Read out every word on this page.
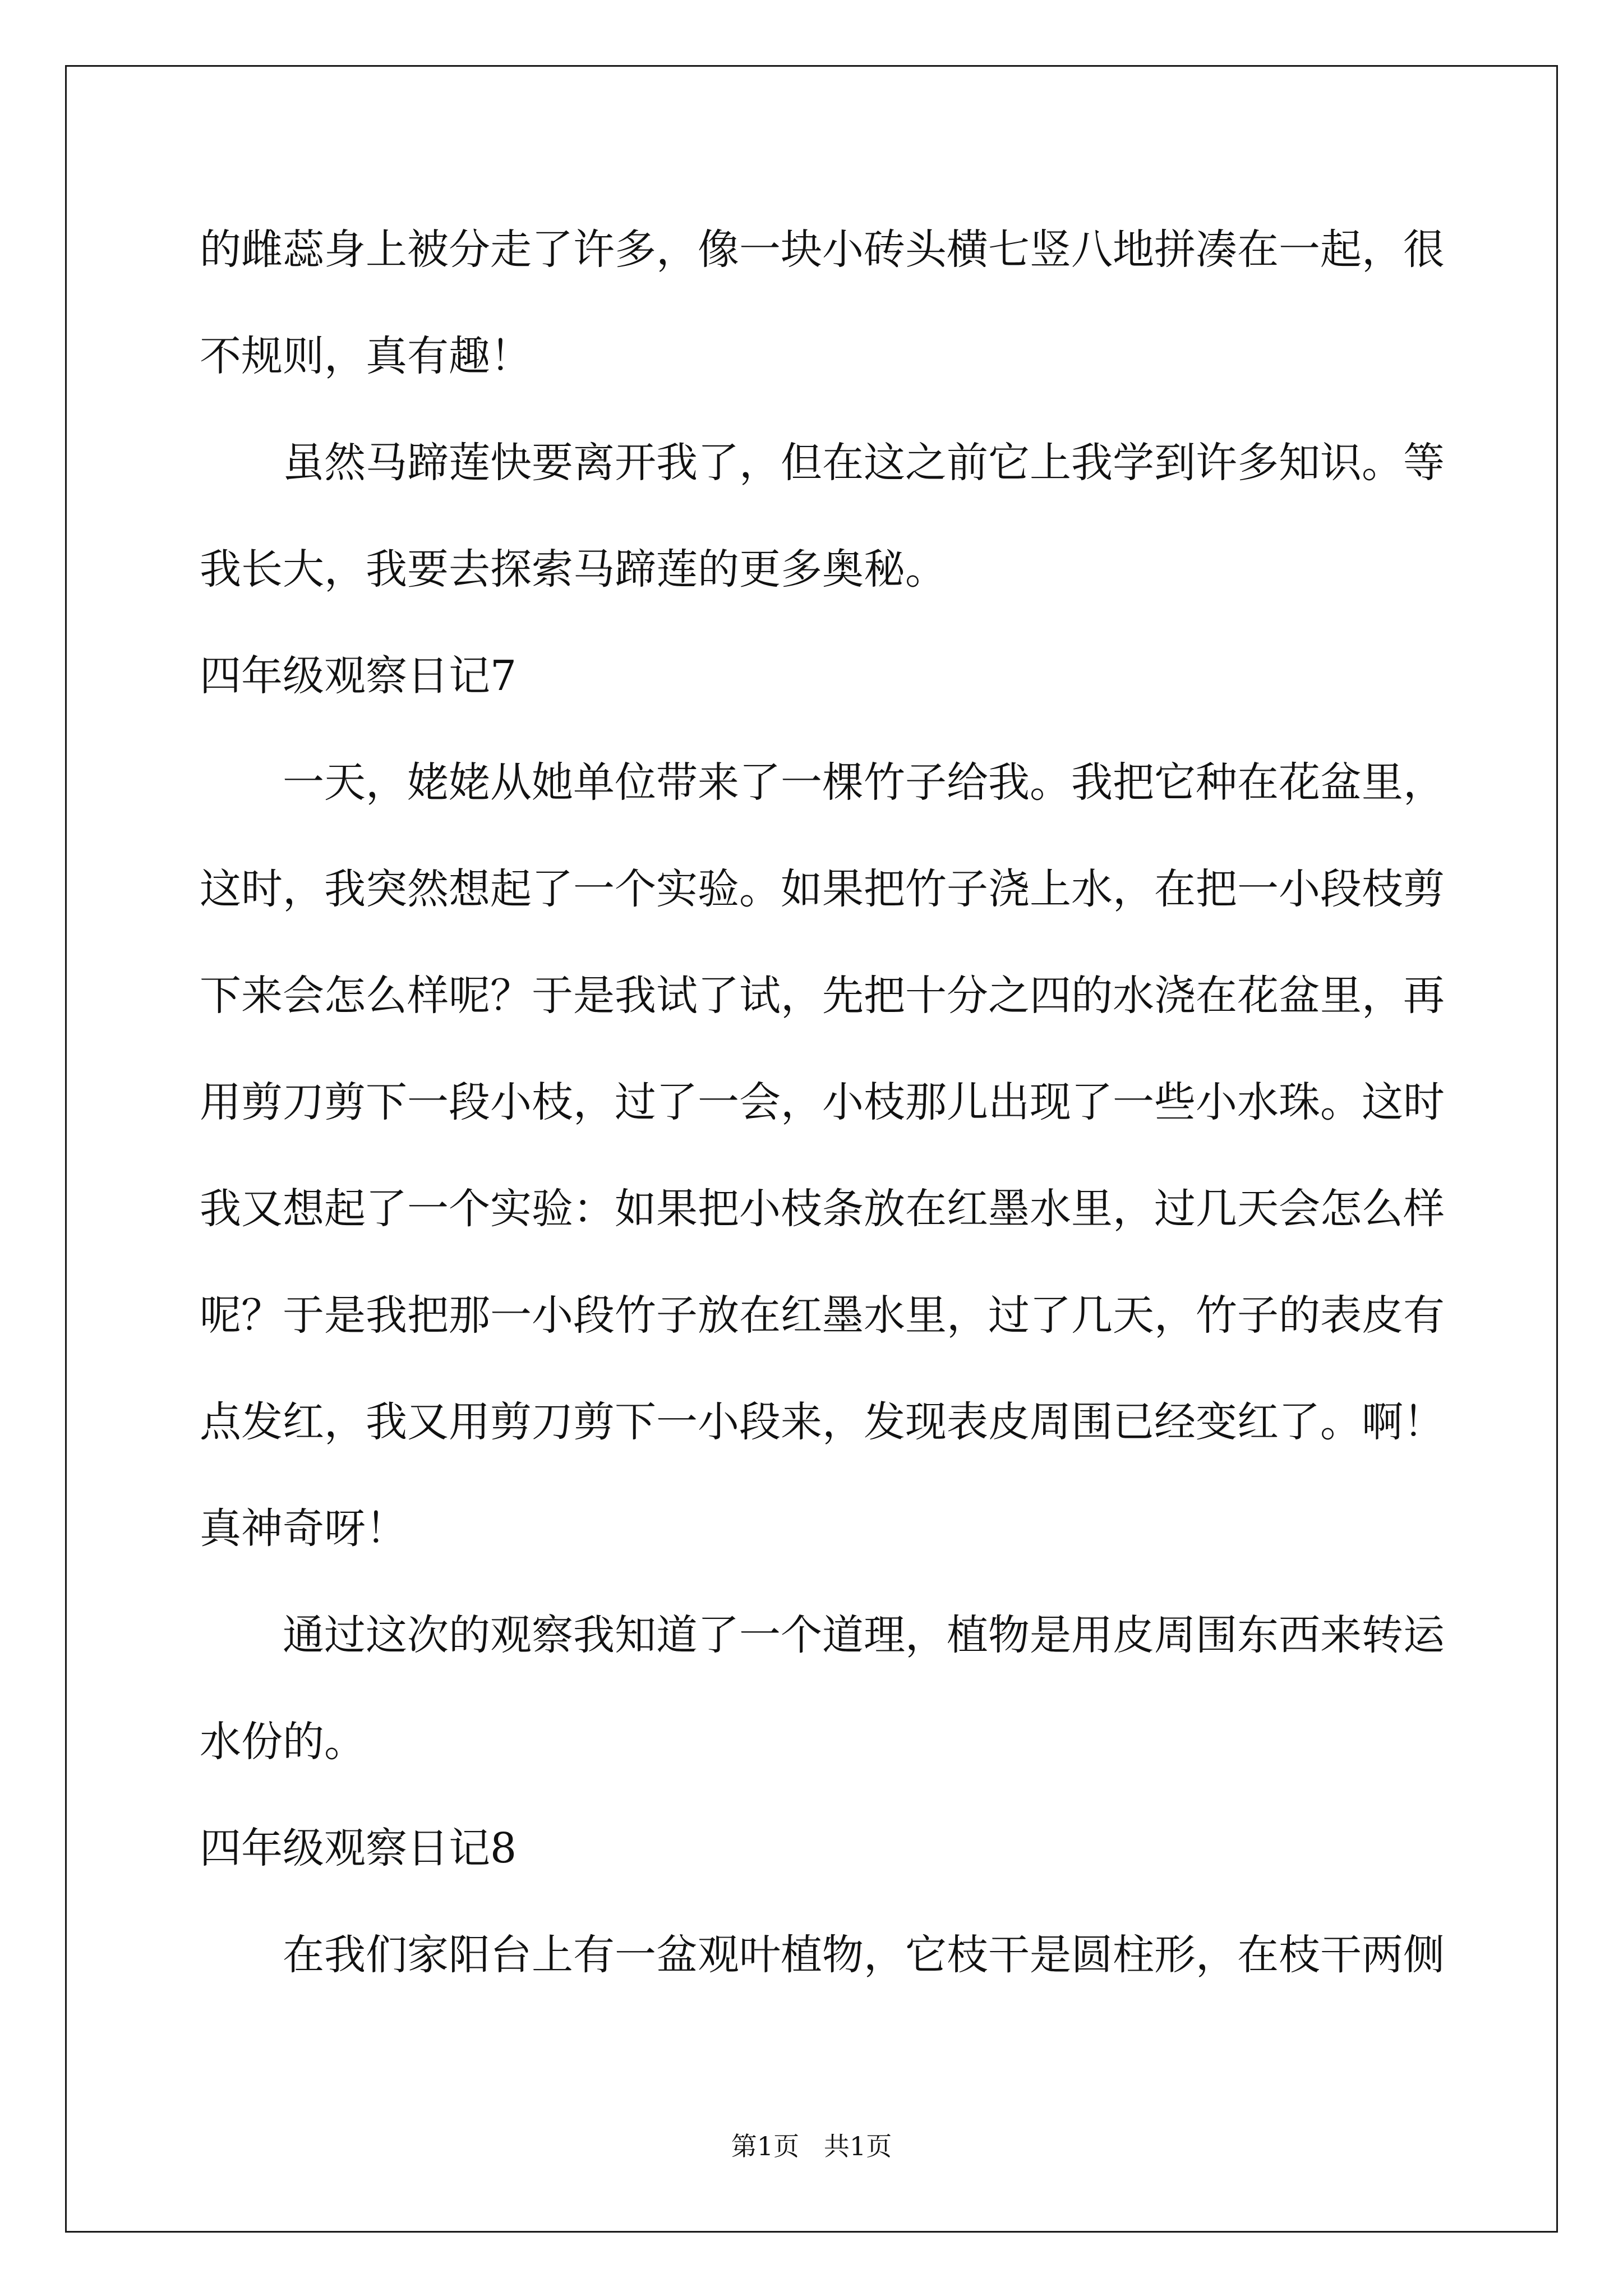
的雌蕊身上被分走了许多，像一块小砖头横七竖八地拼凑在一起，很
不规则，真有趣！
虽然马蹄莲快要离开我了，但在这之前它上我学到许多知识。等
我长大，我要去探索马蹄莲的更多奥秘。
四年级观察日记7
一天，姥姥从她单位带来了一棵竹子给我。我把它种在花盆里，
这时，我突然想起了一个实验。如果把竹子浇上水，在把一小段枝剪
下来会怎么样呢？于是我试了试，先把十分之四的水浇在花盆里，再
用剪刀剪下一段小枝，过了一会，小枝那儿出现了一些小水珠。这时
我又想起了一个实验：如果把小枝条放在红墨水里，过几天会怎么样
呢？于是我把那一小段竹子放在红墨水里，过了几天，竹子的表皮有
点发红，我又用剪刀剪下一小段来，发现表皮周围已经变红了。啊！
真神奇呀！
通过这次的观察我知道了一个道理，植物是用皮周围东西来转运
水份的。
四年级观察日记8
在我们家阳台上有一盆观叶植物，它枝干是圆柱形，在枝干两侧
第1页   共1页
